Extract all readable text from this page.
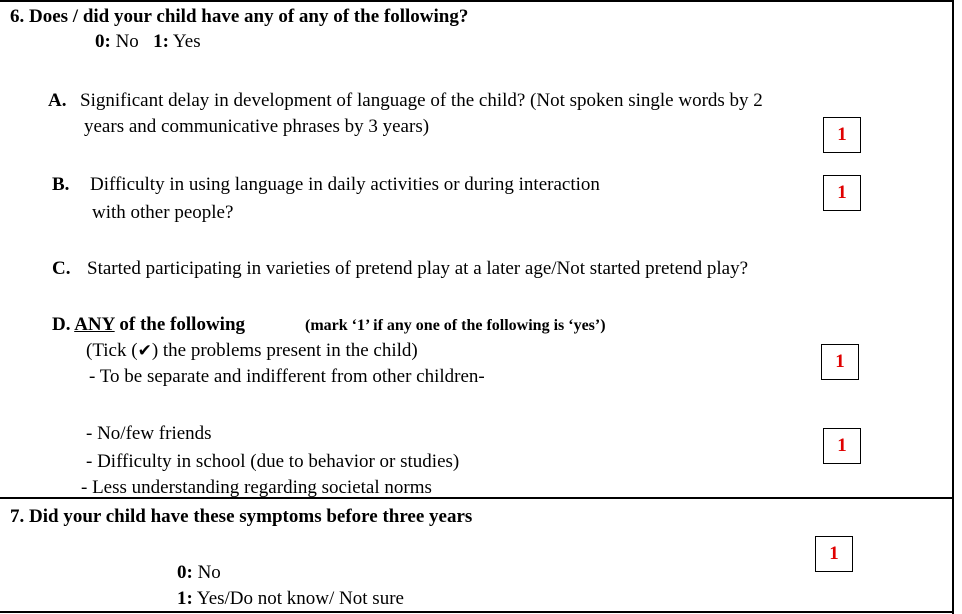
6. Does / did your child have any of any of the following?
0: No 1: Yes
A. Significant delay in development of language of the child? (Not spoken single words by 2
years and communicative phrases by 3 years)	1
B. Difficulty in using language in daily activities or during interaction
with other people?
1
C. Started participating in varieties of pretend play at a later age/Not started pretend play?
D. ANY of the following	(mark ‘1’ if any one of the following is ‘yes’)
(Tick (✔) the problems present in the child)
- To be separate and indifferent from other children-
1
- No/few friends
- Difficulty in school (due to behavior or studies)
- Less understanding regarding societal norms
1
7. Did your child have these symptoms before three years
1
0: No
1: Yes/Do not know/ Not sure
